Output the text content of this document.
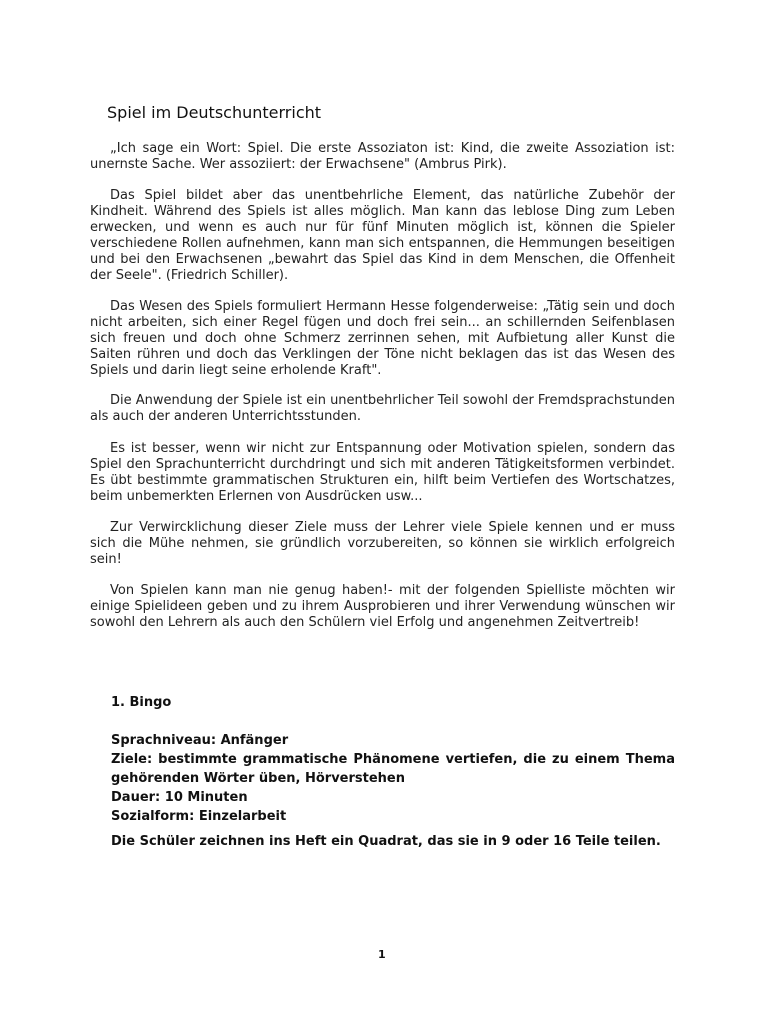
Spiel im Deutschunterricht

„Ich sage ein Wort: Spiel. Die erste Assoziaton ist: Kind, die zweite Assoziation ist: unernste Sache. Wer assoziiert: der Erwachsene" (Ambrus Pirk).

Das Spiel bildet aber das unentbehrliche Element, das natürliche Zubehör der Kindheit. Während des Spiels ist alles möglich. Man kann das leblose Ding zum Leben erwecken, und wenn es auch nur für fünf Minuten möglich ist, können die Spieler verschiedene Rollen aufnehmen, kann man sich entspannen, die Hemmungen beseitigen und bei den Erwachsenen „bewahrt das Spiel das Kind in dem Menschen, die Offenheit der Seele". (Friedrich Schiller).

Das Wesen des Spiels formuliert Hermann Hesse folgenderweise: „Tätig sein und doch nicht arbeiten, sich einer Regel fügen und doch frei sein... an schillernden Seifenblasen sich freuen und doch ohne Schmerz zerrinnen sehen, mit Aufbietung aller Kunst die Saiten rühren und doch das Verklingen der Töne nicht beklagen das ist das Wesen des Spiels und darin liegt seine erholende Kraft".

Die Anwendung der Spiele ist ein unentbehrlicher Teil sowohl der Fremdsprachstunden als auch der anderen Unterrichtsstunden.

Es ist besser, wenn wir nicht zur Entspannung oder Motivation spielen, sondern das Spiel den Sprachunterricht durchdringt und sich mit anderen Tätigkeitsformen verbindet. Es übt bestimmte grammatischen Strukturen ein, hilft beim Vertiefen des Wortschatzes, beim unbemerkten Erlernen von Ausdrücken usw...

Zur Verwircklichung dieser Ziele muss der Lehrer viele Spiele kennen und er muss sich die Mühe nehmen, sie gründlich vorzubereiten, so können sie wirklich erfolgreich sein!

Von Spielen kann man nie genug haben!- mit der folgenden Spielliste möchten wir einige Spielideen geben und zu ihrem Ausprobieren und ihrer Verwendung wünschen wir sowohl den Lehrern als auch den Schülern viel Erfolg und angenehmen Zeitvertreib!

1. Bingo
Sprachniveau: Anfänger
Ziele: bestimmte grammatische Phänomene vertiefen, die zu einem Thema gehörenden Wörter üben, Hörverstehen
Dauer: 10 Minuten
Sozialform: Einzelarbeit

Die Schüler zeichnen ins Heft ein Quadrat, das sie in 9 oder 16 Teile teilen.

1
